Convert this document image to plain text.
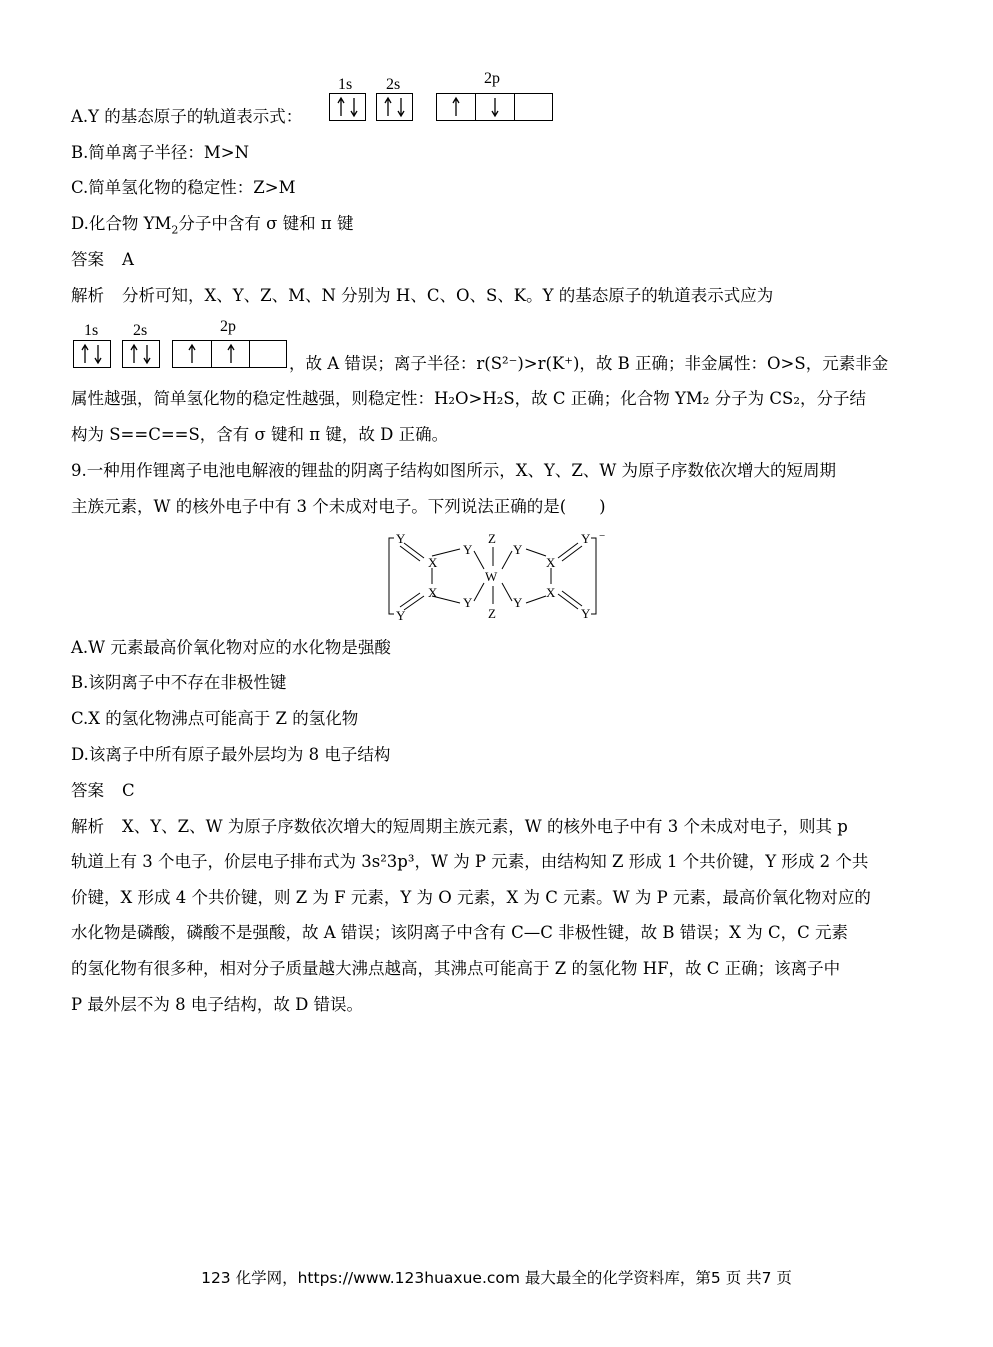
A.Y 的基态原子的轨道表示式：
1s 2s	2p
B.简单离子半径：M>N
C.简单氢化物的稳定性：Z>M
D.化合物 $YM_2$分子中含有 σ 键和 π 键
答案 A
解析 分析可知，X、Y、Z、M、N 分别为 H、C、O、S、K。Y 的基态原子的轨道表示式应为
1s 2s	2p
，故 A 错误；离子半径：r(S²⁻)>r(K⁺)，故 B 正确；非金属性：O>S，元素非金
属性越强，简单氢化物的稳定性越强，则稳定性：H₂O>H₂S，故 C 正确；化合物 YM₂ 分子为 CS₂，分子结
构为 S==C==S，含有 σ 键和 π 键，故 D 正确。
9.一种用作锂离子电池电解液的锂盐的阴离子结构如图所示，X、Y、Z、W 为原子序数依次增大的短周期
主族元素，W 的核外电子中有 3 个未成对电子。下列说法正确的是(　　)
Y
X
Y
Z
W
Y
X
Y
X
Y
Y
Z
Y
X
Y
−
A.W 元素最高价氧化物对应的水化物是强酸
B.该阴离子中不存在非极性键
C.X 的氢化物沸点可能高于 Z 的氢化物
D.该离子中所有原子最外层均为 8 电子结构
答案 C
解析 X、Y、Z、W 为原子序数依次增大的短周期主族元素，W 的核外电子中有 3 个未成对电子，则其 p
轨道上有 3 个电子，价层电子排布式为 3s²3p³，W 为 P 元素，由结构知 Z 形成 1 个共价键，Y 形成 2 个共
价键，X 形成 4 个共价键，则 Z 为 F 元素，Y 为 O 元素，X 为 C 元素。W 为 P 元素，最高价氧化物对应的
水化物是磷酸，磷酸不是强酸，故 A 错误；该阴离子中含有 C—C 非极性键，故 B 错误；X 为 C，C 元素
的氢化物有很多种，相对分子质量越大沸点越高，其沸点可能高于 Z 的氢化物 HF，故 C 正确；该离子中
P 最外层不为 8 电子结构，故 D 错误。
123 化学网，https://www.123huaxue.com 最大最全的化学资料库，第5 页 共7 页
